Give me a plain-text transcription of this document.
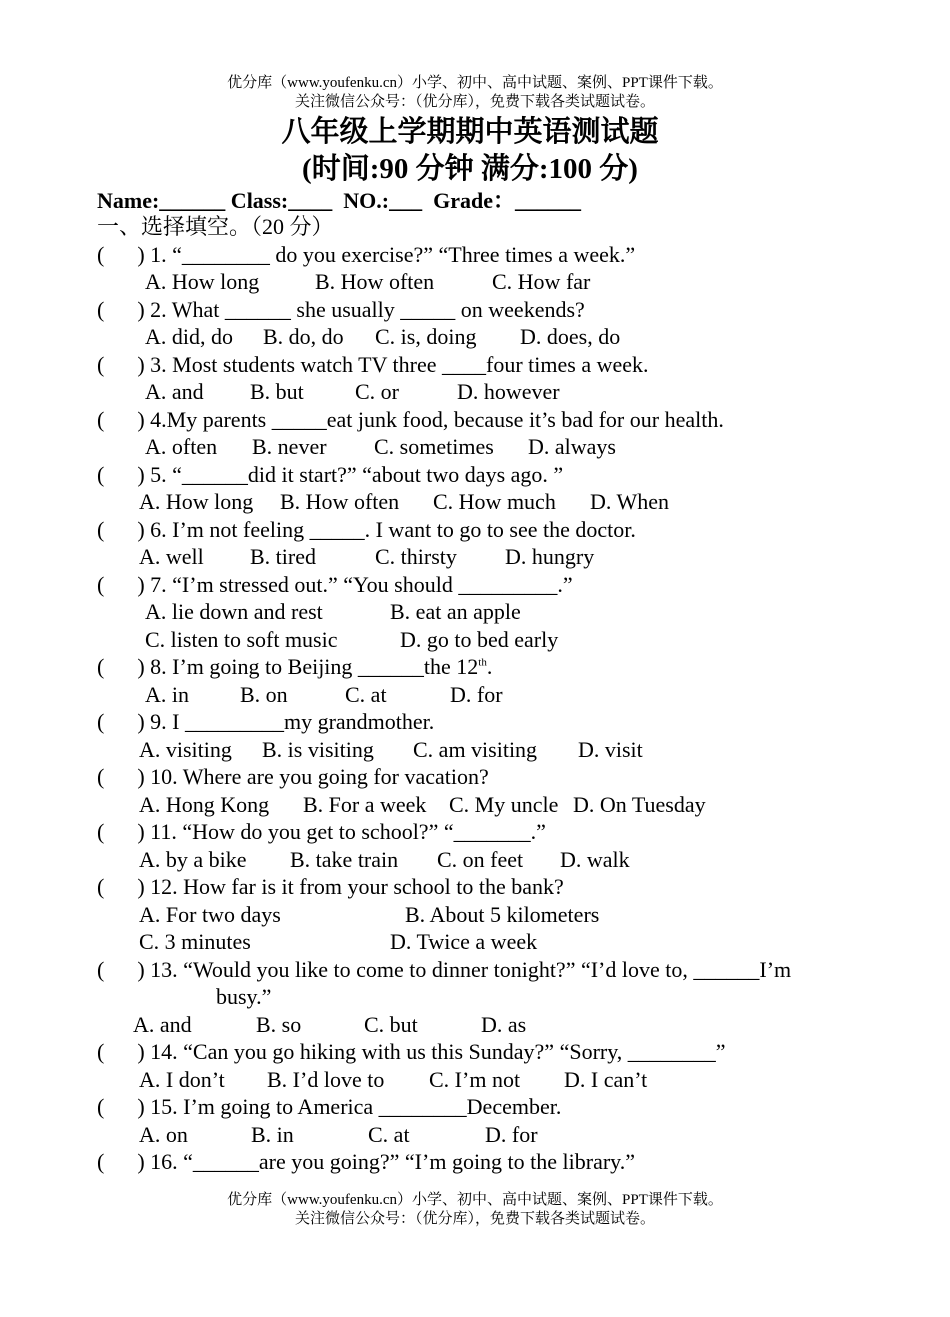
优分库（www.youfenku.cn）小学、初中、高中试题、案例、PPT课件下载。
关注微信公众号：（优分库），免费下载各类试题试卷。
八年级上学期期中英语测试题
(时间:90 分钟 满分:100 分)
Name:______ Class:____  NO.:___  Grade：______
一、选择填空。（20 分）
(      ) 1. “________ do you exercise?” “Three times a week.”
A. How long	B. How often	C. How far
(      ) 2. What ______ she usually _____ on weekends?
A. did, do B. do, do C. is, doing D. does, do
(      ) 3. Most students watch TV three ____four times a week.
A. and B. but C. or	D. however
(      ) 4.My parents _____eat junk food, because it’s bad for our health.
A. often B. never C. sometimes D. always
(      ) 5. “______did it start?” “about two days ago. ”
A. How long B. How often C. How much D. When
(      ) 6. I’m not feeling _____. I want to go to see the doctor.
A. well B. tired	C. thirsty D. hungry
(      ) 7. “I’m stressed out.” “You should _________.”
A. lie down and rest	B. eat an apple
C. listen to soft music	D. go to bed early
(      ) 8. I’m going to Beijing ______the 12th.
A. in B. on	C. at	D. for
(      ) 9. I _________my grandmother.
A. visiting B. is visiting C. am visiting D. visit
(      ) 10. Where are you going for vacation?
A. Hong Kong B. For a week C. My uncle D. On Tuesday
(      ) 11. “How do you get to school?” “_______.”
A. by a bike B. take train C. on feet D. walk
(      ) 12. How far is it from your school to the bank?
A. For two days	B. About 5 kilometers
C. 3 minutes	D. Twice a week
(      ) 13. “Would you like to come to dinner tonight?” “I’d love to, ______I’m
busy.”
A. and	B. so	C. but	D. as
(      ) 14. “Can you go hiking with us this Sunday?” “Sorry, ________”
A. I don’t B. I’d love to C. I’m not D. I can’t
(      ) 15. I’m going to America ________December.
A. on	B. in	C. at	D. for
(      ) 16. “______are you going?” “I’m going to the library.”
优分库（www.youfenku.cn）小学、初中、高中试题、案例、PPT课件下载。
关注微信公众号：（优分库），免费下载各类试题试卷。
